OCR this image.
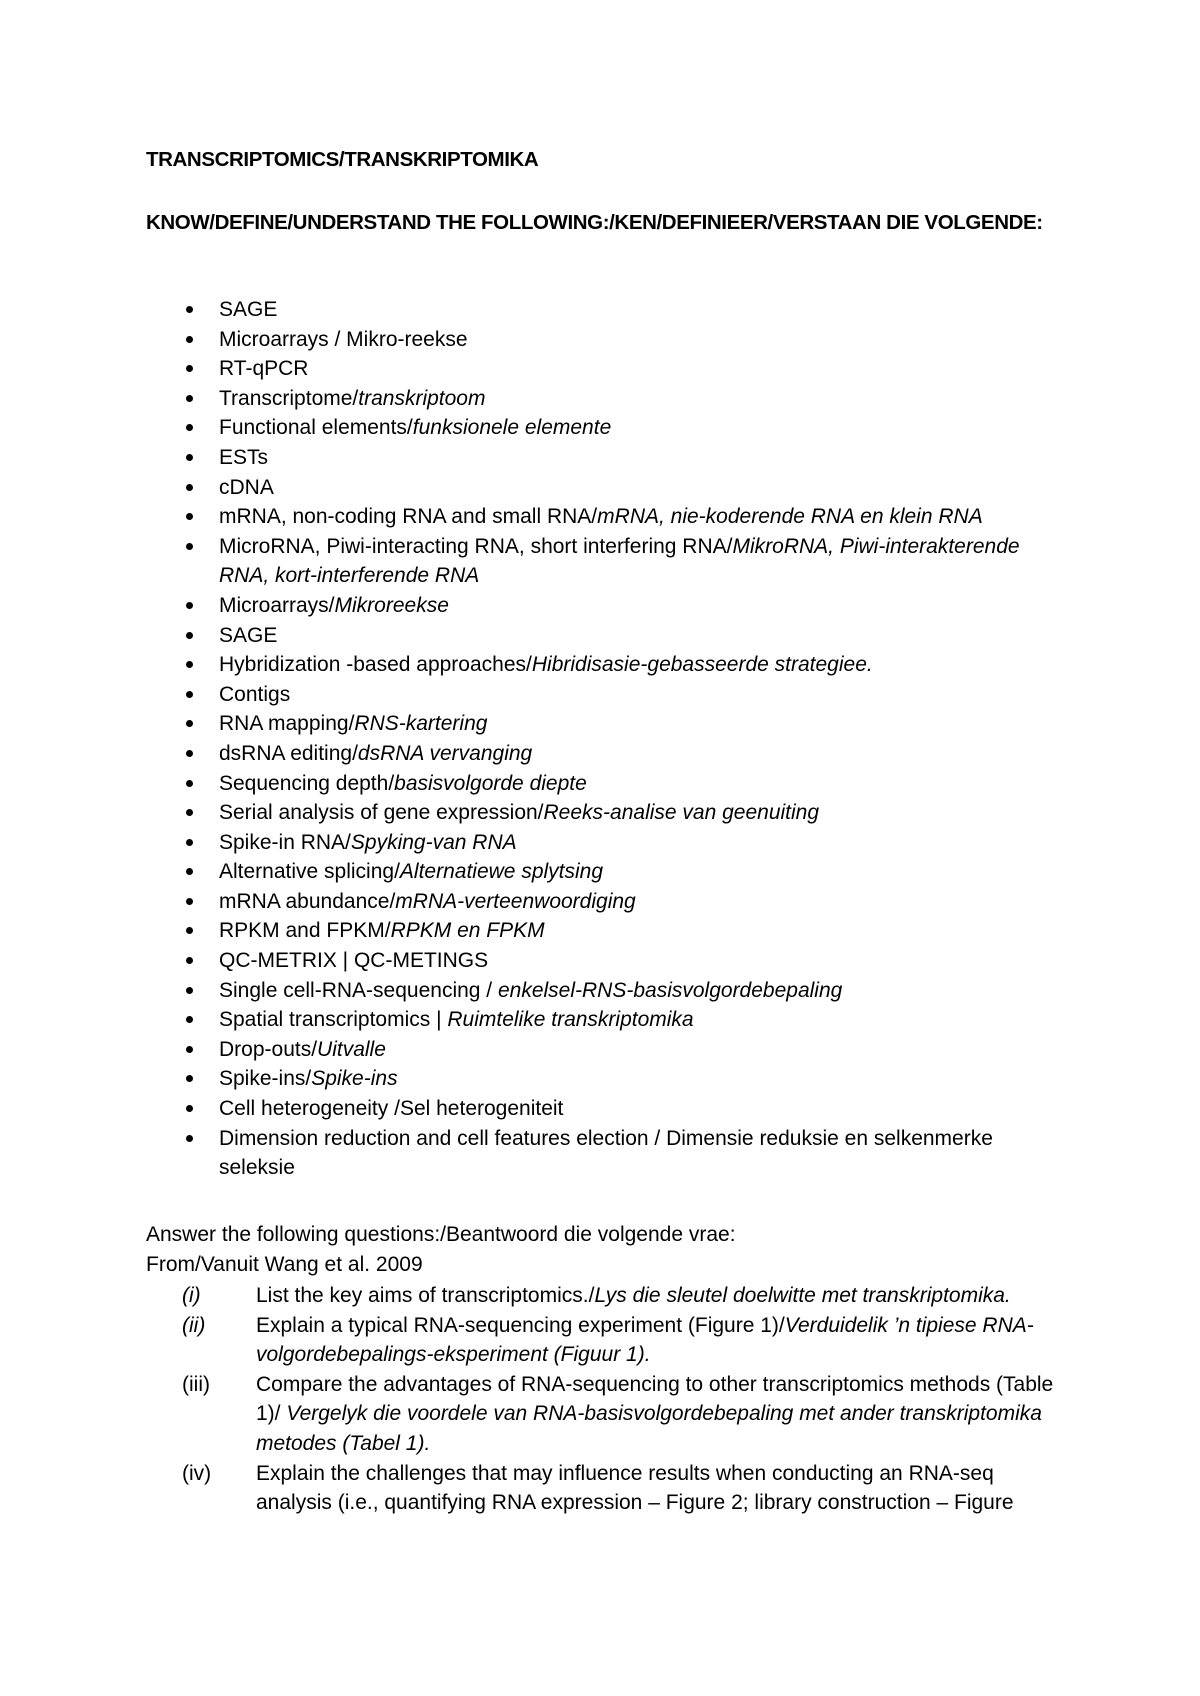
TRANSCRIPTOMICS/TRANSKRIPTOMIKA
KNOW/DEFINE/UNDERSTAND THE FOLLOWING:/KEN/DEFINIEER/VERSTAAN DIE VOLGENDE:
SAGE
Microarrays / Mikro-reekse
RT-qPCR
Transcriptome/transkriptoom
Functional elements/funksionele elemente
ESTs
cDNA
mRNA, non-coding RNA and small RNA/mRNA, nie-koderende RNA en klein RNA
MicroRNA, Piwi-interacting RNA, short interfering RNA/MikroRNA, Piwi-interakterende RNA, kort-interferende RNA
Microarrays/Mikroreekse
SAGE
Hybridization -based approaches/Hibridisasie-gebasseerde strategiee.
Contigs
RNA mapping/RNS-kartering
dsRNA editing/dsRNA vervanging
Sequencing depth/basisvolgorde diepte
Serial analysis of gene expression/Reeks-analise van geenuiting
Spike-in RNA/Spyking-van RNA
Alternative splicing/Alternatiewe splytsing
mRNA abundance/mRNA-verteenwoordiging
RPKM and FPKM/RPKM en FPKM
QC-METRIX | QC-METINGS
Single cell-RNA-sequencing / enkelsel-RNS-basisvolgordebepaling
Spatial transcriptomics | Ruimtelike transkriptomika
Drop-outs/Uitvalle
Spike-ins/Spike-ins
Cell heterogeneity /Sel heterogeniteit
Dimension reduction and cell features election / Dimensie reduksie en selkenmerke seleksie
Answer the following questions:/Beantwoord die volgende vrae:
From/Vanuit Wang et al. 2009
(i)	List the key aims of transcriptomics./Lys die sleutel doelwitte met transkriptomika.
(ii) Explain a typical RNA-sequencing experiment (Figure 1)/Verduidelik ’n tipiese RNA-volgordebepalings-eksperiment (Figuur 1).
(iii) Compare the advantages of RNA-sequencing to other transcriptomics methods (Table 1)/ Vergelyk die voordele van RNA-basisvolgordebepaling met ander transkriptomika metodes (Tabel 1).
(iv) Explain the challenges that may influence results when conducting an RNA-seq analysis (i.e., quantifying RNA expression – Figure 2; library construction – Figure
